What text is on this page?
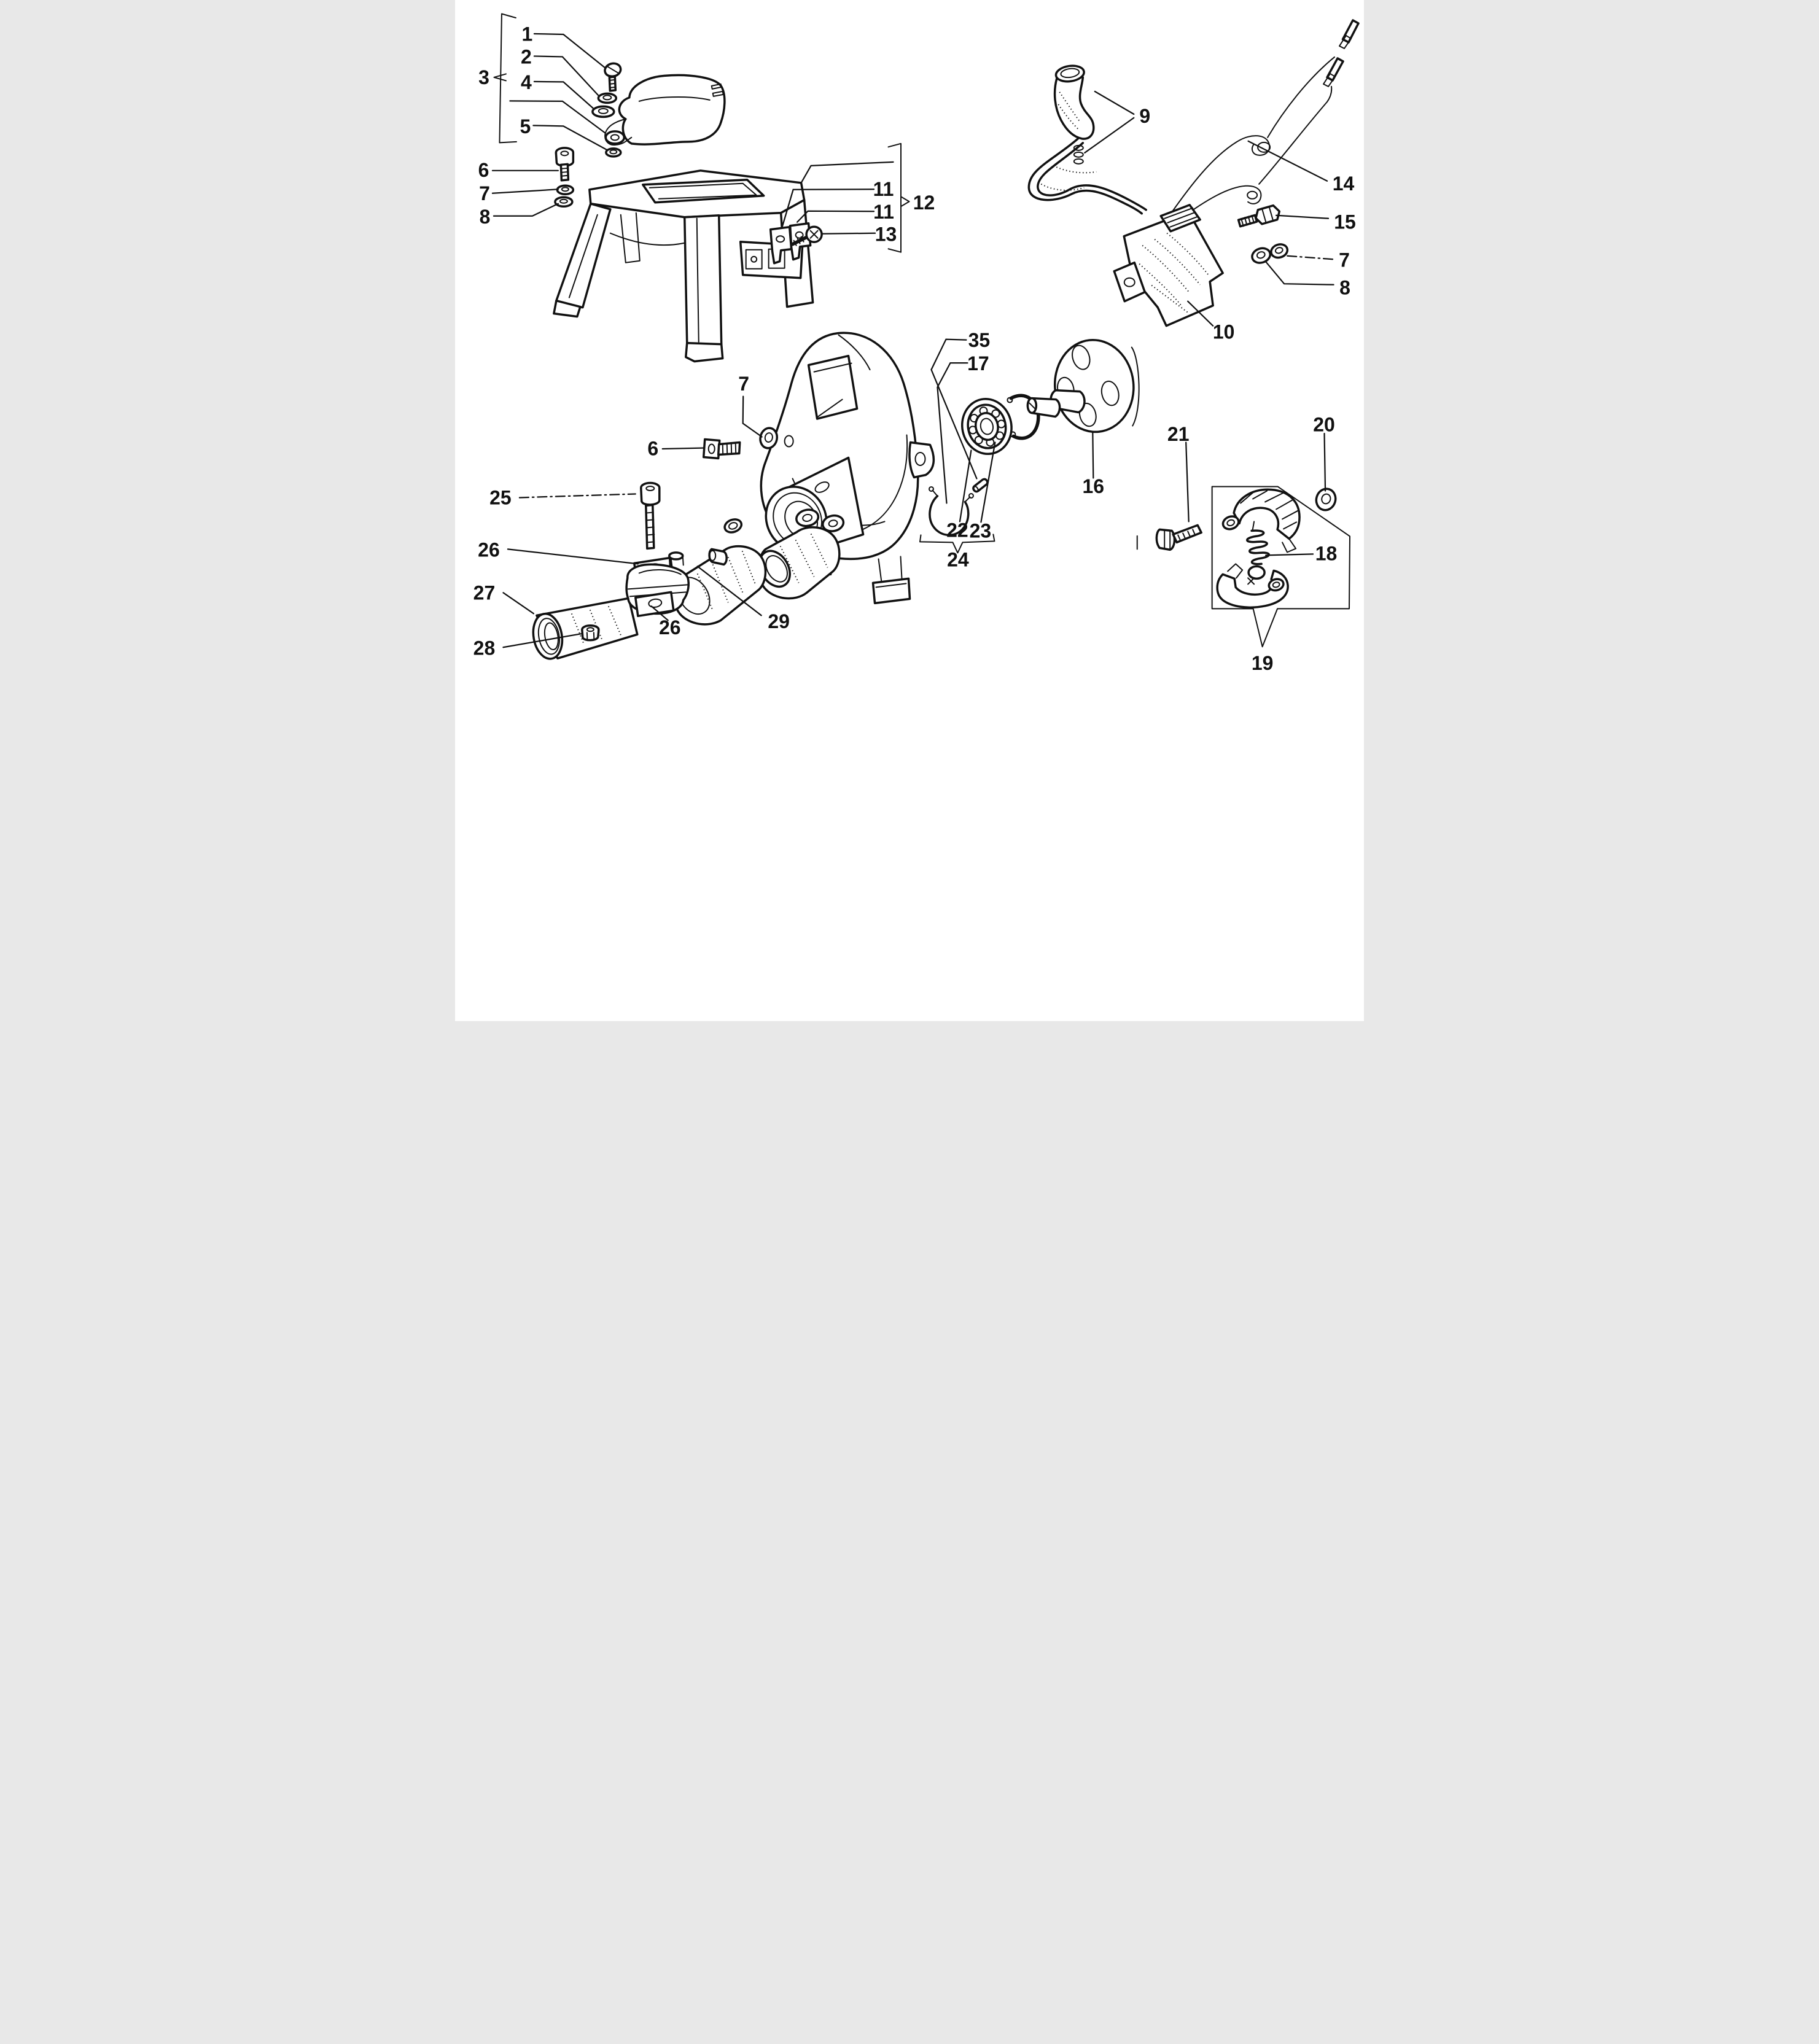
1
2
3 4
5
6
7
8
9
10
11
11 12
13
14
15
7
8
16
17
35
18
19
20
21
22 23
24
25
26
26
27
28
29
6
7
